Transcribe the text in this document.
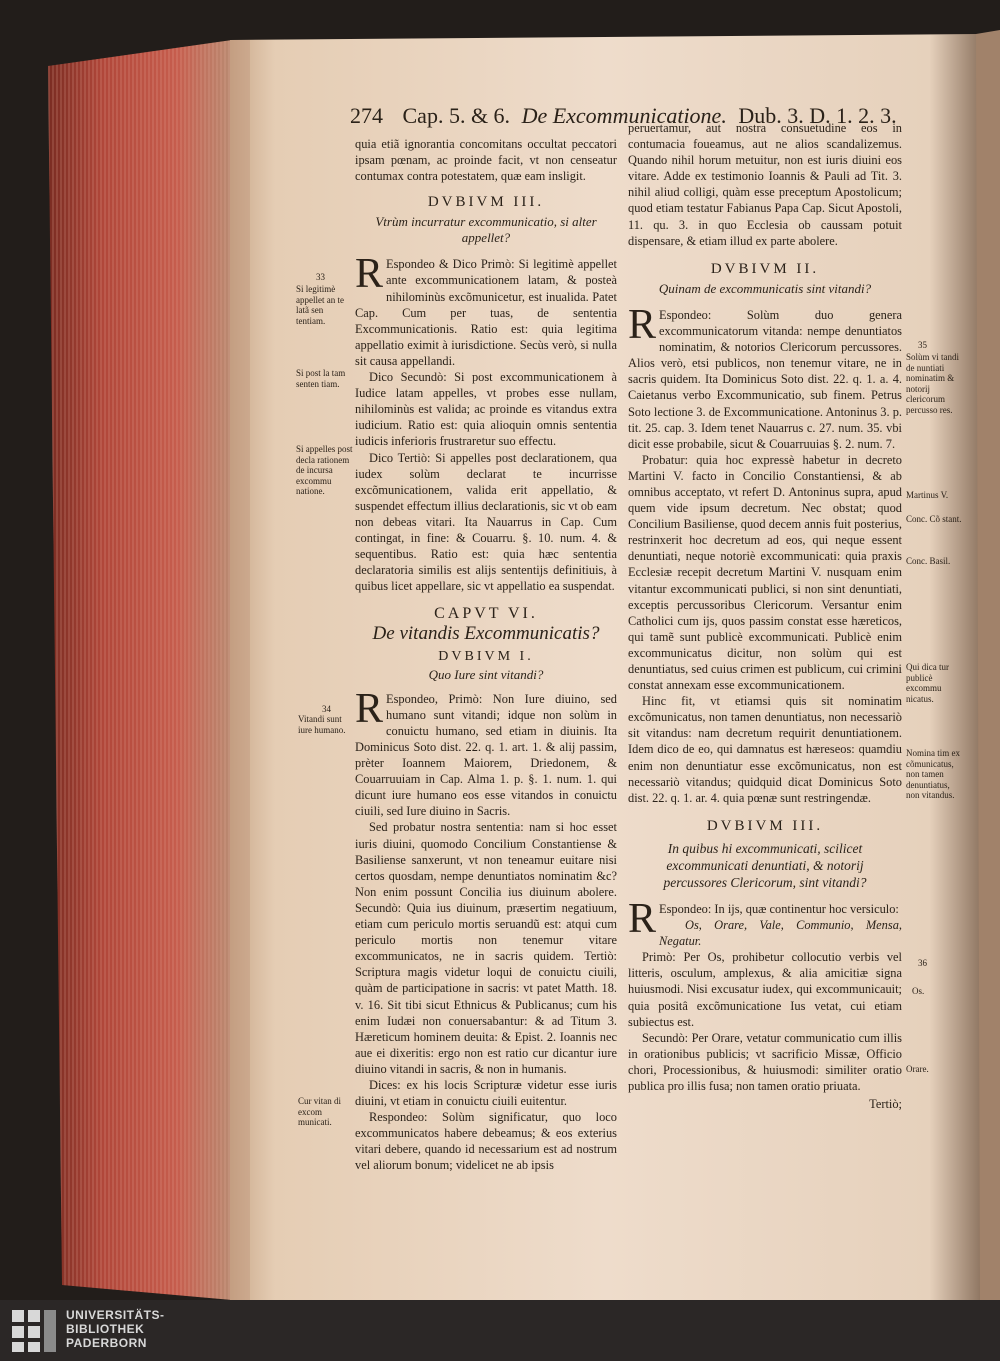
274 Cap. 5. & 6. De Excommunicatione. Dub. 3. D. 1. 2. 3.

quia etiã ignorantia concomitans occultat peccatori ipsam pœnam, ac proinde facit, vt non censeatur contumax contra potestatem, quæ eam insligit.

DVBIVM III.
Vtrùm incurratur excommunicatio, si alter appellet?

R Espondeo & Dico Primò: Si legitimè appellet ante excommunicationem latam, & posteà nihilominùs excõmunicetur, est inualida. Patet Cap. Cum per tuas, de sententia Excommunicationis. Ratio est: quia legitima appellatio eximit à iurisdictione. Secùs verò, si nulla sit causa appellandi.

Dico Secundò: Si post excommunicationem à Iudice latam appelles, vt probes esse nullam, nihilominùs est valida; ac proinde es vitandus extra iudicium. Ratio est: quia alioquin omnis sententia iudicis inferioris frustraretur suo effectu.

Dico Tertiò: Si appelles post declarationem, qua iudex solùm declarat te incurrisse excõmunicationem, valida erit appellatio, & suspendet effectum illius declarationis, sic vt ob eam non debeas vitari. Ita Nauarrus in Cap. Cum contingat, in fine: & Couarru. §. 10. num. 4. & sequentibus. Ratio est: quia hæc sententia declaratoria similis est alijs sententijs definitiuis, à quibus licet appellare, sic vt appellatio ea suspendat.

CAPVT VI.
De vitandis Excommunicatis?
DVBIVM I.
Quo Iure sint vitandi?

R Espondeo, Primò: Non Iure diuino, sed humano sunt vitandi; idque non solùm in conuictu humano, sed etiam in diuinis. Ita Dominicus Soto dist. 22. q. 1. art. 1. & alij passim, prèter Ioannem Maiorem, Driedonem, & Couarruuiam in Cap. Alma 1. p. §. 1. num. 1. qui dicunt iure humano eos esse vitandos in conuictu ciuili, sed Iure diuino in Sacris.

Sed probatur nostra sententia: nam si hoc esset iuris diuini, quomodo Concilium Constantiense & Basiliense sanxerunt, vt non teneamur euitare nisi certos quosdam, nempe denuntiatos nominatim &c? Non enim possunt Concilia ius diuinum abolere. Secundò: Quia ius diuinum, præsertim negatiuum, etiam cum periculo mortis seruandũ est: atqui cum periculo mortis non tenemur vitare excommunicatos, ne in sacris quidem. Tertiò: Scriptura magis videtur loqui de conuictu ciuili, quàm de participatione in sacris: vt patet Matth. 18. v. 16. Sit tibi sicut Ethnicus & Publicanus; cum his enim Iudæi non conuersabantur: & ad Titum 3. Hæreticum hominem deuita: & Epist. 2. Ioannis nec aue ei dixeritis: ergo non est ratio cur dicantur iure diuino vitandi in sacris, & non in humanis.

Dices: ex his locis Scripturæ videtur esse iuris diuini, vt etiam in conuictu ciuili euitentur.

Respondeo: Solùm significatur, quo loco excommunicatos habere debeamus; & eos exterius vitari debere, quando id necessarium est ad nostrum vel aliorum bonum; videlicet ne ab ipsis

33
Si legitimè appellet an te latã sen tentiam.
Si post la tam senten tiam.
Si appelles post decla rationem de incursa excommu natione.
34
Vitandi sunt iure humano.
Cur vitan di excom municati.

peruertamur, aut nostra consuetudine eos in contumacia foueamus, aut ne alios scandalizemus. Quando nihil horum metuitur, non est iuris diuini eos vitare. Adde ex testimonio Ioannis & Pauli ad Tit. 3. nihil aliud colligi, quàm esse preceptum Apostolicum; quod etiam testatur Fabianus Papa Cap. Sicut Apostoli, 11. qu. 3. in quo Ecclesia ob caussam potuit dispensare, & etiam illud ex parte abolere.

DVBIVM II.
Quinam de excommunicatis sint vitandi?

R Espondeo: Solùm duo genera excommunicatorum vitanda: nempe denuntiatos nominatim, & notorios Clericorum percussores. Alios verò, etsi publicos, non tenemur vitare, ne in sacris quidem. Ita Dominicus Soto dist. 22. q. 1. a. 4. Caietanus verbo Excommunicatio, sub finem. Petrus Soto lectione 3. de Excommunicatione. Antoninus 3. p. tit. 25. cap. 3. Idem tenet Nauarrus c. 27. num. 35. vbi dicit esse probabile, sicut & Couarruuias §. 2. num. 7.

Probatur: quia hoc expressè habetur in decreto Martini V. facto in Concilio Constantiensi, & ab omnibus acceptato, vt refert D. Antoninus supra, apud quem vide ipsum decretum. Nec obstat; quod Concilium Basiliense, quod decem annis fuit posterius, restrinxerit hoc decretum ad eos, qui neque essent denuntiati, neque notoriè excommunicati: quia praxis Ecclesiæ recepit decretum Martini V. nusquam enim vitantur excommunicati publici, si non sint denuntiati, exceptis percussoribus Clericorum. Versantur enim Catholici cum ijs, quos passim constat esse hæreticos, qui tamẽ sunt publicè excommunicati. Publicè enim excommunicatus dicitur, non solùm qui est denuntiatus, sed cuius crimen est publicum, cui crimini constat annexam esse excommunicationem.

Hinc fit, vt etiamsi quis sit nominatim excõmunicatus, non tamen denuntiatus, non necessariò sit vitandus: nam decretum requirit denuntiationem. Idem dico de eo, qui damnatus est hæreseos: quamdiu enim non denuntiatur esse excõmunicatus, non est necessariò vitandus; quidquid dicat Dominicus Soto dist. 22. q. 1. ar. 4. quia pœnæ sunt restringendæ.

DVBIVM III.
In quibus hi excommunicati, scilicet excommunicati denuntiati, & notorij percussores Clericorum, sint vitandi?

R Espondeo: In ijs, quæ continentur hoc versiculo:

Os, Orare, Vale, Communio, Mensa, Negatur.

Primò: Per Os, prohibetur collocutio verbis vel litteris, osculum, amplexus, & alia amicitiæ signa huiusmodi. Nisi excusatur iudex, qui excommunicauit; quia positâ excõmunicatione Ius vetat, cui etiam subiectus est.

Secundò: Per Orare, vetatur communicatio cum illis in orationibus publicis; vt sacrificio Missæ, Officio chori, Processionibus, & huiusmodi: similiter oratio publica pro illis fusa; non tamen oratio priuata.

Tertiò;

35
Solùm vi tandi de nuntiati nominatim & notorij clericorum percusso res.
Martinus V.
Conc. Cõ stant.
Conc. Basil.
Qui dica tur publicè excommu nicatus.
Nomina tim ex cõmunicatus, non tamen denuntiatus, non vitandus.
36
Os.
Orare.
UNIVERSITÄTS-
BIBLIOTHEK
PADERBORN
